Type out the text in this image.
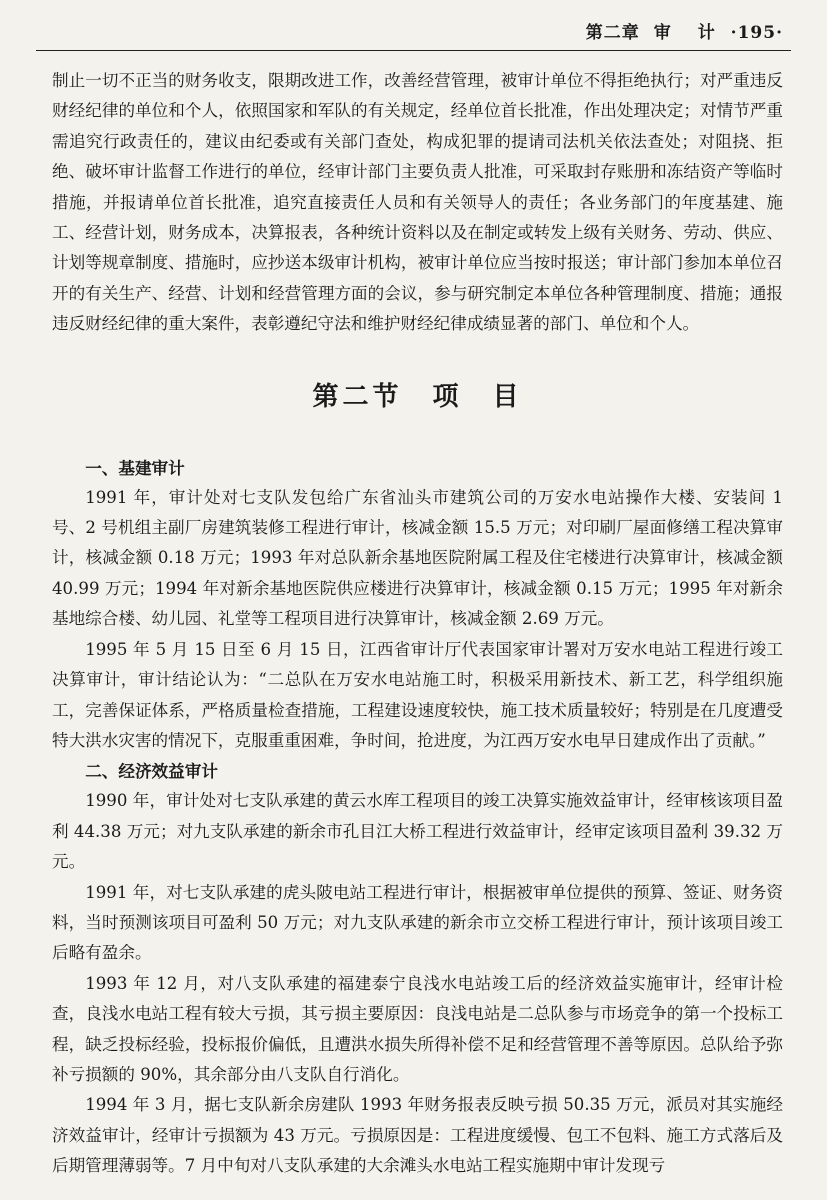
第二章 审　 计 ·195·

制止一切不正当的财务收支，限期改进工作，改善经营管理，被审计单位不得拒绝执行；对严重违反财经纪律的单位和个人，依照国家和军队的有关规定，经单位首长批准，作出处理决定；对情节严重需追究行政责任的，建议由纪委或有关部门查处，构成犯罪的提请司法机关依法查处；对阻挠、拒绝、破坏审计监督工作进行的单位，经审计部门主要负责人批准，可采取封存账册和冻结资产等临时措施，并报请单位首长批准，追究直接责任人员和有关领导人的责任；各业务部门的年度基建、施工、经营计划，财务成本，决算报表，各种统计资料以及在制定或转发上级有关财务、劳动、供应、计划等规章制度、措施时，应抄送本级审计机构，被审计单位应当按时报送；审计部门参加本单位召开的有关生产、经营、计划和经营管理方面的会议，参与研究制定本单位各种管理制度、措施；通报违反财经纪律的重大案件，表彰遵纪守法和维护财经纪律成绩显著的部门、单位和个人。

第二节 项　目
一、基建审计

1991 年，审计处对七支队发包给广东省汕头市建筑公司的万安水电站操作大楼、安装间 1 号、2 号机组主副厂房建筑装修工程进行审计，核减金额 15.5 万元；对印刷厂屋面修缮工程决算审计，核减金额 0.18 万元；1993 年对总队新余基地医院附属工程及住宅楼进行决算审计，核减金额 40.99 万元；1994 年对新余基地医院供应楼进行决算审计，核减金额 0.15 万元；1995 年对新余基地综合楼、幼儿园、礼堂等工程项目进行决算审计，核减金额 2.69 万元。

1995 年 5 月 15 日至 6 月 15 日，江西省审计厅代表国家审计署对万安水电站工程进行竣工决算审计，审计结论认为：“二总队在万安水电站施工时，积极采用新技术、新工艺，科学组织施工，完善保证体系，严格质量检查措施，工程建设速度较快，施工技术质量较好；特别是在几度遭受特大洪水灾害的情况下，克服重重困难，争时间，抢进度，为江西万安水电早日建成作出了贡献。”

二、经济效益审计

1990 年，审计处对七支队承建的黄云水库工程项目的竣工决算实施效益审计，经审核该项目盈利 44.38 万元；对九支队承建的新余市孔目江大桥工程进行效益审计，经审定该项目盈利 39.32 万元。

1991 年，对七支队承建的虎头陂电站工程进行审计，根据被审单位提供的预算、签证、财务资料，当时预测该项目可盈利 50 万元；对九支队承建的新余市立交桥工程进行审计，预计该项目竣工后略有盈余。

1993 年 12 月，对八支队承建的福建泰宁良浅水电站竣工后的经济效益实施审计，经审计检查，良浅水电站工程有较大亏损，其亏损主要原因：良浅电站是二总队参与市场竞争的第一个投标工程，缺乏投标经验，投标报价偏低，且遭洪水损失所得补偿不足和经营管理不善等原因。总队给予弥补亏损额的 90%，其余部分由八支队自行消化。

1994 年 3 月，据七支队新余房建队 1993 年财务报表反映亏损 50.35 万元，派员对其实施经济效益审计，经审计亏损额为 43 万元。亏损原因是：工程进度缓慢、包工不包料、施工方式落后及后期管理薄弱等。7 月中旬对八支队承建的大余滩头水电站工程实施期中审计发现亏
